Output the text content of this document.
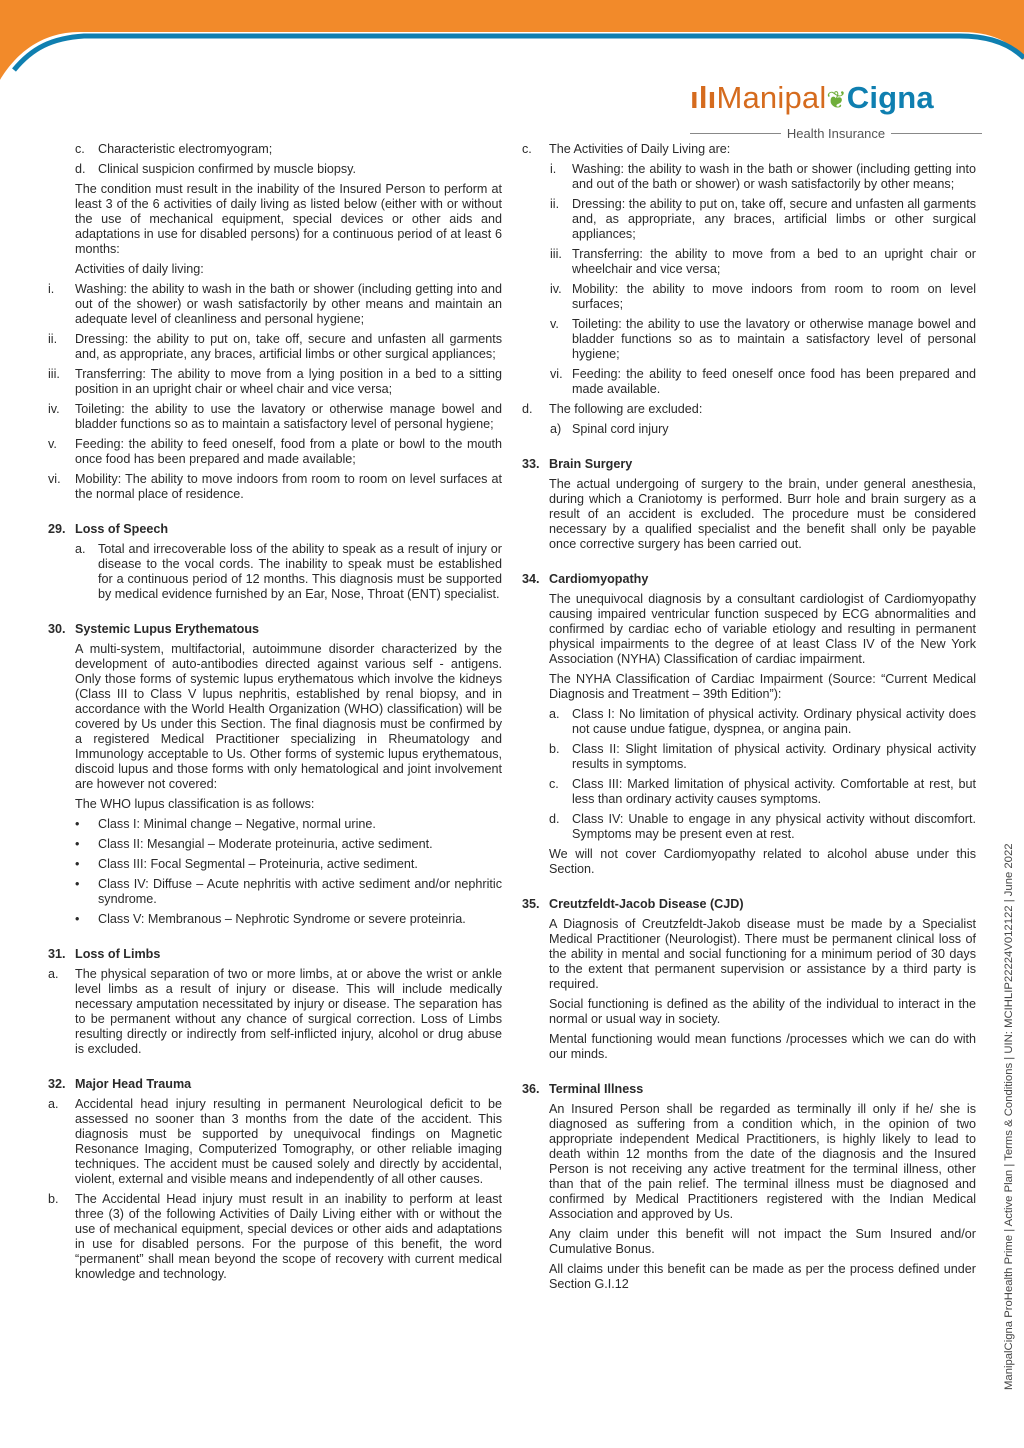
ılıManipal❦Cigna
Health Insurance
c. Characteristic electromyogram;
d. Clinical suspicion confirmed by muscle biopsy.

The condition must result in the inability of the Insured Person to perform at least 3 of the 6 activities of daily living as listed below (either with or without the use of mechanical equipment, special devices or other aids and adaptations in use for disabled persons) for a continuous period of at least 6 months:

Activities of daily living:

i. Washing: the ability to wash in the bath or shower (including getting into and out of the shower) or wash satisfactorily by other means and maintain an adequate level of cleanliness and personal hygiene;
ii. Dressing: the ability to put on, take off, secure and unfasten all garments and, as appropriate, any braces, artificial limbs or other surgical appliances;
iii. Transferring: The ability to move from a lying position in a bed to a sitting position in an upright chair or wheel chair and vice versa;
iv. Toileting: the ability to use the lavatory or otherwise manage bowel and bladder functions so as to maintain a satisfactory level of personal hygiene;
v. Feeding: the ability to feed oneself, food from a plate or bowl to the mouth once food has been prepared and made available;
vi. Mobility: The ability to move indoors from room to room on level surfaces at the normal place of residence.
29. Loss of Speech
a. Total and irrecoverable loss of the ability to speak as a result of injury or disease to the vocal cords. The inability to speak must be established for a continuous period of 12 months. This diagnosis must be supported by medical evidence furnished by an Ear, Nose, Throat (ENT) specialist.
30. Systemic Lupus Erythematous

A multi-system, multifactorial, autoimmune disorder characterized by the development of auto-antibodies directed against various self - antigens. Only those forms of systemic lupus erythematous which involve the kidneys (Class III to Class V lupus nephritis, established by renal biopsy, and in accordance with the World Health Organization (WHO) classification) will be covered by Us under this Section. The final diagnosis must be confirmed by a registered Medical Practitioner specializing in Rheumatology and Immunology acceptable to Us. Other forms of systemic lupus erythematous, discoid lupus and those forms with only hematological and joint involvement are however not covered:

The WHO lupus classification is as follows:

• Class I: Minimal change – Negative, normal urine.
• Class II: Mesangial – Moderate proteinuria, active sediment.
• Class III: Focal Segmental – Proteinuria, active sediment.
• Class IV: Diffuse – Acute nephritis with active sediment and/or nephritic syndrome.
• Class V: Membranous – Nephrotic Syndrome or severe proteinria.
31. Loss of Limbs
a. The physical separation of two or more limbs, at or above the wrist or ankle level limbs as a result of injury or disease. This will include medically necessary amputation necessitated by injury or disease. The separation has to be permanent without any chance of surgical correction. Loss of Limbs resulting directly or indirectly from self-inflicted injury, alcohol or drug abuse is excluded.
32. Major Head Trauma
a. Accidental head injury resulting in permanent Neurological deficit to be assessed no sooner than 3 months from the date of the accident. This diagnosis must be supported by unequivocal findings on Magnetic Resonance Imaging, Computerized Tomography, or other reliable imaging techniques. The accident must be caused solely and directly by accidental, violent, external and visible means and independently of all other causes.
b. The Accidental Head injury must result in an inability to perform at least three (3) of the following Activities of Daily Living either with or without the use of mechanical equipment, special devices or other aids and adaptations in use for disabled persons. For the purpose of this benefit, the word “permanent” shall mean beyond the scope of recovery with current medical knowledge and technology.
c. The Activities of Daily Living are:
i. Washing: the ability to wash in the bath or shower (including getting into and out of the bath or shower) or wash satisfactorily by other means;
ii. Dressing: the ability to put on, take off, secure and unfasten all garments and, as appropriate, any braces, artificial limbs or other surgical appliances;
iii. Transferring: the ability to move from a bed to an upright chair or wheelchair and vice versa;
iv. Mobility: the ability to move indoors from room to room on level surfaces;
v. Toileting: the ability to use the lavatory or otherwise manage bowel and bladder functions so as to maintain a satisfactory level of personal hygiene;
vi. Feeding: the ability to feed oneself once food has been prepared and made available.
d. The following are excluded:
a) Spinal cord injury
33. Brain Surgery

The actual undergoing of surgery to the brain, under general anesthesia, during which a Craniotomy is performed. Burr hole and brain surgery as a result of an accident is excluded. The procedure must be considered necessary by a qualified specialist and the benefit shall only be payable once corrective surgery has been carried out.

34. Cardiomyopathy

The unequivocal diagnosis by a consultant cardiologist of Cardiomyopathy causing impaired ventricular function suspeced by ECG abnormalities and confirmed by cardiac echo of variable etiology and resulting in permanent physical impairments to the degree of at least Class IV of the New York Association (NYHA) Classification of cardiac impairment.

The NYHA Classification of Cardiac Impairment (Source: “Current Medical Diagnosis and Treatment – 39th Edition”):

a. Class I: No limitation of physical activity. Ordinary physical activity does not cause undue fatigue, dyspnea, or angina pain.
b. Class II: Slight limitation of physical activity. Ordinary physical activity results in symptoms.
c. Class III: Marked limitation of physical activity. Comfortable at rest, but less than ordinary activity causes symptoms.
d. Class IV: Unable to engage in any physical activity without discomfort. Symptoms may be present even at rest.

We will not cover Cardiomyopathy related to alcohol abuse under this Section.

35. Creutzfeldt-Jacob Disease (CJD)

A Diagnosis of Creutzfeldt-Jakob disease must be made by a Specialist Medical Practitioner (Neurologist). There must be permanent clinical loss of the ability in mental and social functioning for a minimum period of 30 days to the extent that permanent supervision or assistance by a third party is required.

Social functioning is defined as the ability of the individual to interact in the normal or usual way in society.

Mental functioning would mean functions /processes which we can do with our minds.

36. Terminal Illness

An Insured Person shall be regarded as terminally ill only if he/ she is diagnosed as suffering from a condition which, in the opinion of two appropriate independent Medical Practitioners, is highly likely to lead to death within 12 months from the date of the diagnosis and the Insured Person is not receiving any active treatment for the terminal illness, other than that of the pain relief. The terminal illness must be diagnosed and confirmed by Medical Practitioners registered with the Indian Medical Association and approved by Us.

Any claim under this benefit will not impact the Sum Insured and/or Cumulative Bonus.

All claims under this benefit can be made as per the process defined under Section G.I.12	ManipalCigna ProHealth Prime | Active Plan | Terms & Conditions | UIN: MCIHLIP22224V012122 | June 2022
